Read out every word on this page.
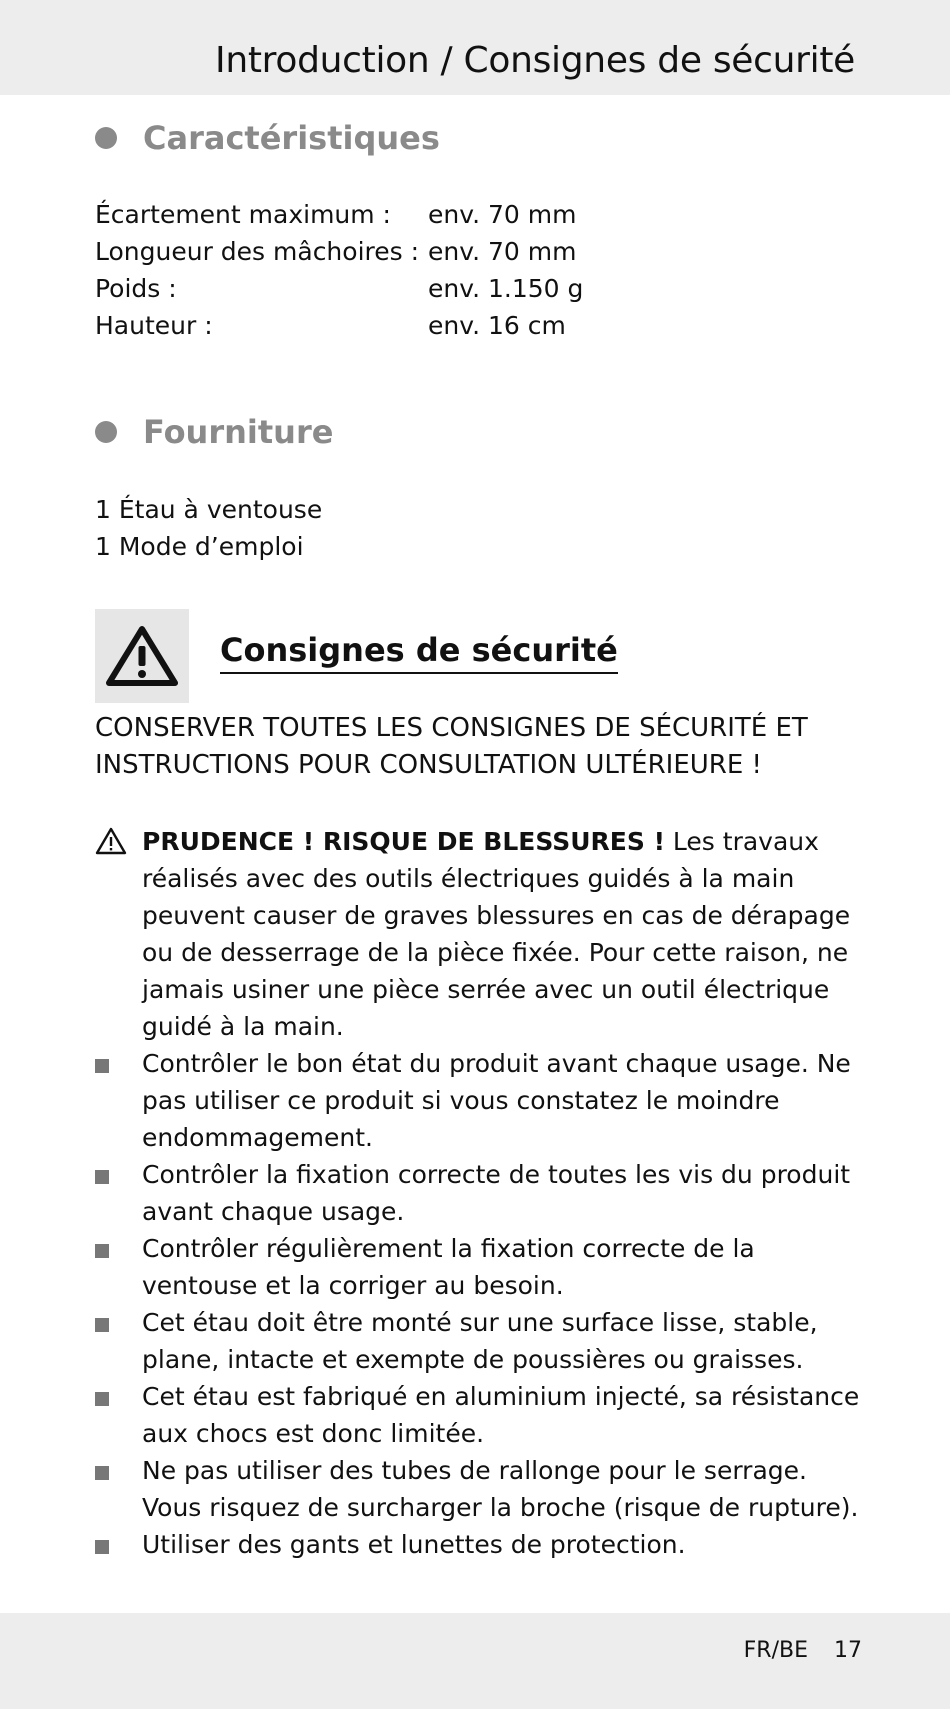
Introduction / Consignes de sécurité
Caractéristiques
Écartement maximum :	env. 70 mm
Longueur des mâchoires : env. 70 mm
Poids :	env. 1.150 g
Hauteur :	env. 16 cm
Fourniture
1 Étau à ventouse
1 Mode d’emploi
Consignes de sécurité
CONSERVER TOUTES LES CONSIGNES DE SÉCURITÉ ET INSTRUCTIONS POUR CONSULTATION ULTÉRIEURE !
PRUDENCE ! RISQUE DE BLESSURES ! Les travaux réalisés avec des outils électriques guidés à la main peuvent causer de graves blessures en cas de dérapage ou de desserrage de la pièce fixée. Pour cette raison, ne jamais usiner une pièce serrée avec un outil électrique guidé à la main.
Contrôler le bon état du produit avant chaque usage. Ne pas utiliser ce produit si vous constatez le moindre endommagement.
Contrôler la fixation correcte de toutes les vis du produit avant chaque usage.
Contrôler régulièrement la fixation correcte de la ventouse et la corriger au besoin.
Cet étau doit être monté sur une surface lisse, stable, plane, intacte et exempte de poussières ou graisses.
Cet étau est fabriqué en aluminium injecté, sa résistance aux chocs est donc limitée.
Ne pas utiliser des tubes de rallonge pour le serrage. Vous risquez de surcharger la broche (risque de rupture).
Utiliser des gants et lunettes de protection.
FR/BE 17
